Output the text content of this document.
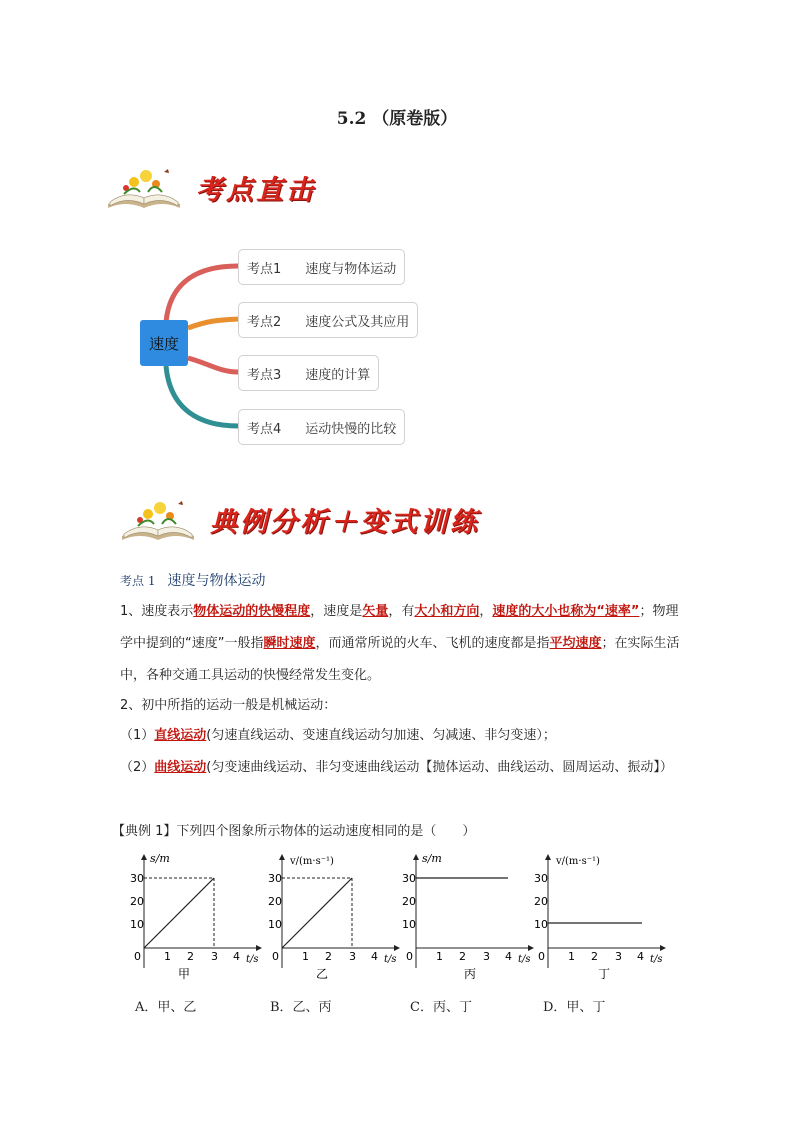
5.2 （原卷版）
考点直击
速度
考点1 速度与物体运动
考点2 速度公式及其应用
考点3 速度的计算
考点4 运动快慢的比较
典例分析＋变式训练
考点 1 速度与物体运动
1、速度表示物体运动的快慢程度，速度是矢量，有大小和方向，速度的大小也称为“速率”；物理学中提到的“速度”一般指瞬时速度，而通常所说的火车、飞机的速度都是指平均速度；在实际生活中，各种交通工具运动的快慢经常发生变化。
2、初中所指的运动一般是机械运动：
（1）直线运动(匀速直线运动、变速直线运动匀加速、匀减速、非匀变速）；
（2）曲线运动(匀变速曲线运动、非匀变速曲线运动【抛体运动、曲线运动、圆周运动、振动】）
【典例 1】下列四个图象所示物体的运动速度相同的是（　　）
s/m
t/s
30
20
10
0 1 2 3 4
甲
v/(m·s⁻¹)
t/s
30
20
10
0 1 2 3 4
乙
s/m
t/s
30
20
10
0 1 2 3 4
丙
v/(m·s⁻¹)
t/s
30
20
10
0 1 2 3 4
丁
A．甲、乙	B．乙、丙	C．丙、丁	D．甲、丁
